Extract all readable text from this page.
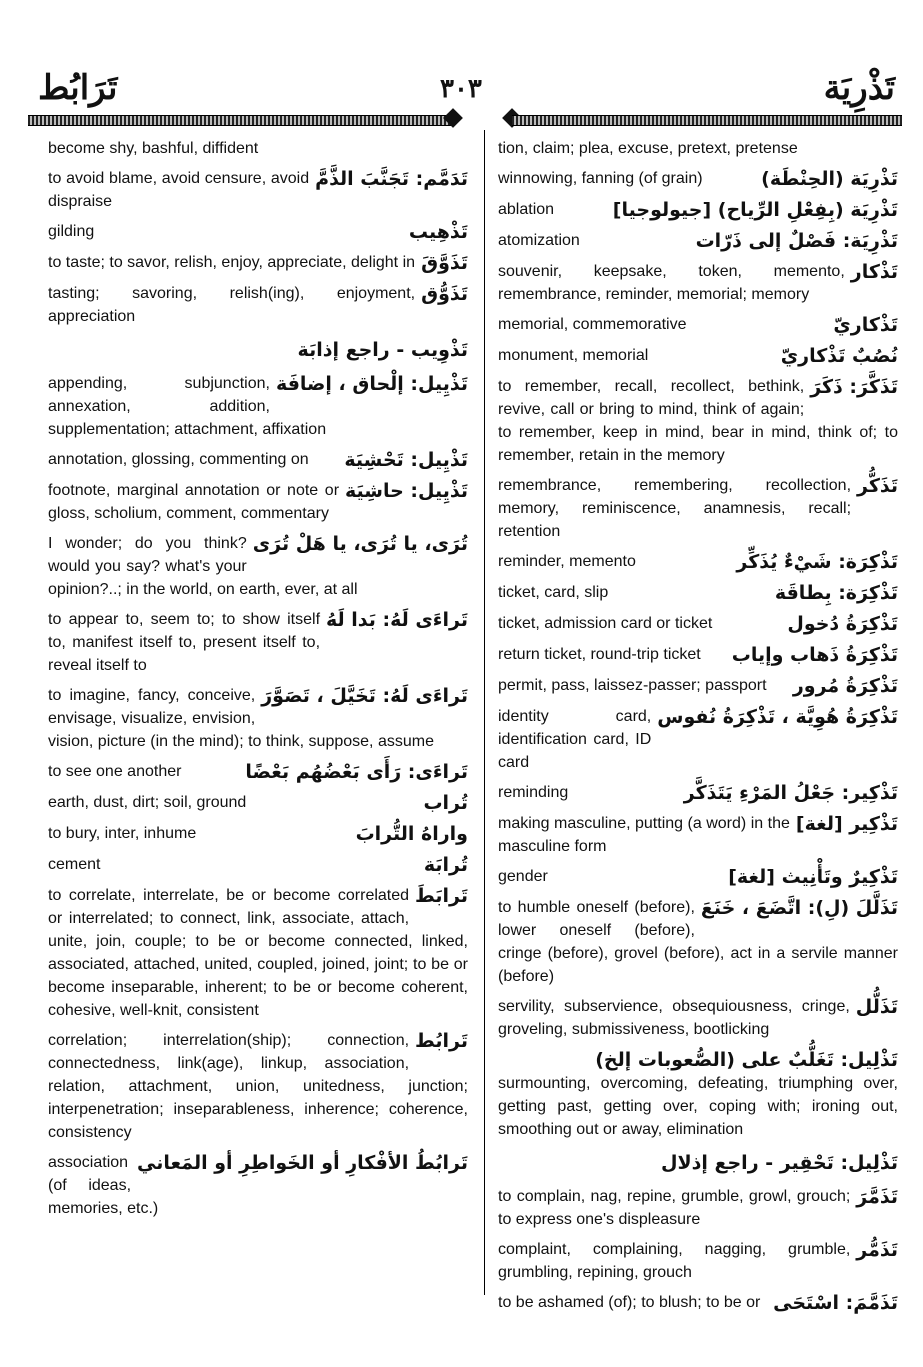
تَرَابُط	٣٠٣	تَذْرِيَة
become shy, bashful, diffident
تَدَمَّم: تَجَنَّبَ الذَّمَّ
to avoid blame, avoid censure, avoid dispraise
تَذْهِيب
gilding
تَذَوَّقَ
to taste; to savor, relish, enjoy, appreciate, delight in
تَذَوُّق
tasting; savoring, relish(ing), enjoyment, appreciation
تَذْوِيب - راجع إذابَة
تَذْيِيل: إلْحاق ، إضافَة
appending, subjunction, annexation, addition, supplementation; attachment, affixation
تَذْيِيل: تَحْشِيَة
annotation, glossing, commenting on
تَذْيِيل: حاشِيَة
footnote, marginal annotation or note or gloss, scholium, comment, commentary
تُرَى، يا تُرَى، يا هَلْ تُرَى
I wonder; do you think? would you say? what's your opinion?..; in the world, on earth, ever, at all
تَراءَى لَهُ: بَدا لَهُ
to appear to, seem to; to show itself to, manifest itself to, present itself to, reveal itself to
تَراءَى لَهُ: تَخَيَّلَ ، تَصَوَّرَ
to imagine, fancy, conceive, envisage, visualize, envision, vision, picture (in the mind); to think, suppose, assume
تَراءَى: رَأَى بَعْضُهُم بَعْضًا
to see one another
تُراب
earth, dust, dirt; soil, ground
واراهُ التُّرابَ
to bury, inter, inhume
تُرابَة
cement
تَرابَطَ
to correlate, interrelate, be or become correlated or interrelated; to connect, link, associate, attach, unite, join, couple; to be or become connected, linked, associated, attached, united, coupled, joined, joint; to be or become inseparable, inherent; to be or become coherent, cohesive, well-knit, consistent
تَرابُط
correlation; interrelation(ship); connection, connectedness, link(age), linkup, association, relation, attachment, union, unitedness, junction; interpenetration; inseparableness, inherence; coherence, consistency
تَرابُطُ الأفْكارِ أو الخَواطِرِ أو المَعاني
association (of ideas, memories, etc.)
tion, claim; plea, excuse, pretext, pretense
تَذْرِيَة (الحِنْطَة)
winnowing, fanning (of grain)
تَذْرِيَة (بِفِعْلِ الرِّياح) [جيولوجيا]
ablation
تَذْرِيَة: فَصْلٌ إلى ذَرّات
atomization
تَذْكار
souvenir, keepsake, token, memento, remembrance, reminder, memorial; memory
تَذْكاريّ
memorial, commemorative
نُصُبٌ تَذْكاريّ
monument, memorial
تَذَكَّرَ: ذَكَرَ
to remember, recall, recollect, bethink, revive, call or bring to mind, think of again; to remember, keep in mind, bear in mind, think of; to remember, retain in the memory
تَذَكُّر
remembrance, remembering, recollection, memory, reminiscence, anamnesis, recall; retention
تَذْكِرَة: شَيْءٌ يُذَكِّر
reminder, memento
تَذْكِرَة: بِطاقَة
ticket, card, slip
تَذْكِرَةُ دُخول
ticket, admission card or ticket
تَذْكِرَةُ ذَهاب وإياب
return ticket, round-trip ticket
تَذْكِرَةُ مُرور
permit, pass, laissez-passer; passport
تَذْكِرَةُ هُوِيَّة ، تَذْكِرَةُ نُفوس
identity card, identification card, ID card
تَذْكِير: جَعْلُ المَرْءِ يَتَذَكَّر
reminding
تَذْكِير [لغة]
making masculine, putting (a word) in the masculine form
تَذْكِيرٌ وتَأْنِيث [لغة]
gender
تَذَلَّلَ (لِ): اتَّضَعَ ، خَنَعَ
to humble oneself (before), lower oneself (before), cringe (before), grovel (before), act in a servile manner (before)
تَذَلُّل
servility, subservience, obsequiousness, cringe, groveling, submissiveness, bootlicking
تَذْلِيل: تَغَلُّبٌ على (الصُّعوبات إلخ)
surmounting, overcoming, defeating, triumphing over, getting past, getting over, coping with; ironing out, smoothing out or away, elimination
تَذْلِيل: تَحْقِير - راجع إذلال
تَذَمَّرَ
to complain, nag, repine, grumble, growl, grouch; to express one's displeasure
تَذَمُّر
complaint, complaining, nagging, grumble, grumbling, repining, grouch
تَذَمَّمَ: اسْتَحَى
to be ashamed (of); to blush; to be or
